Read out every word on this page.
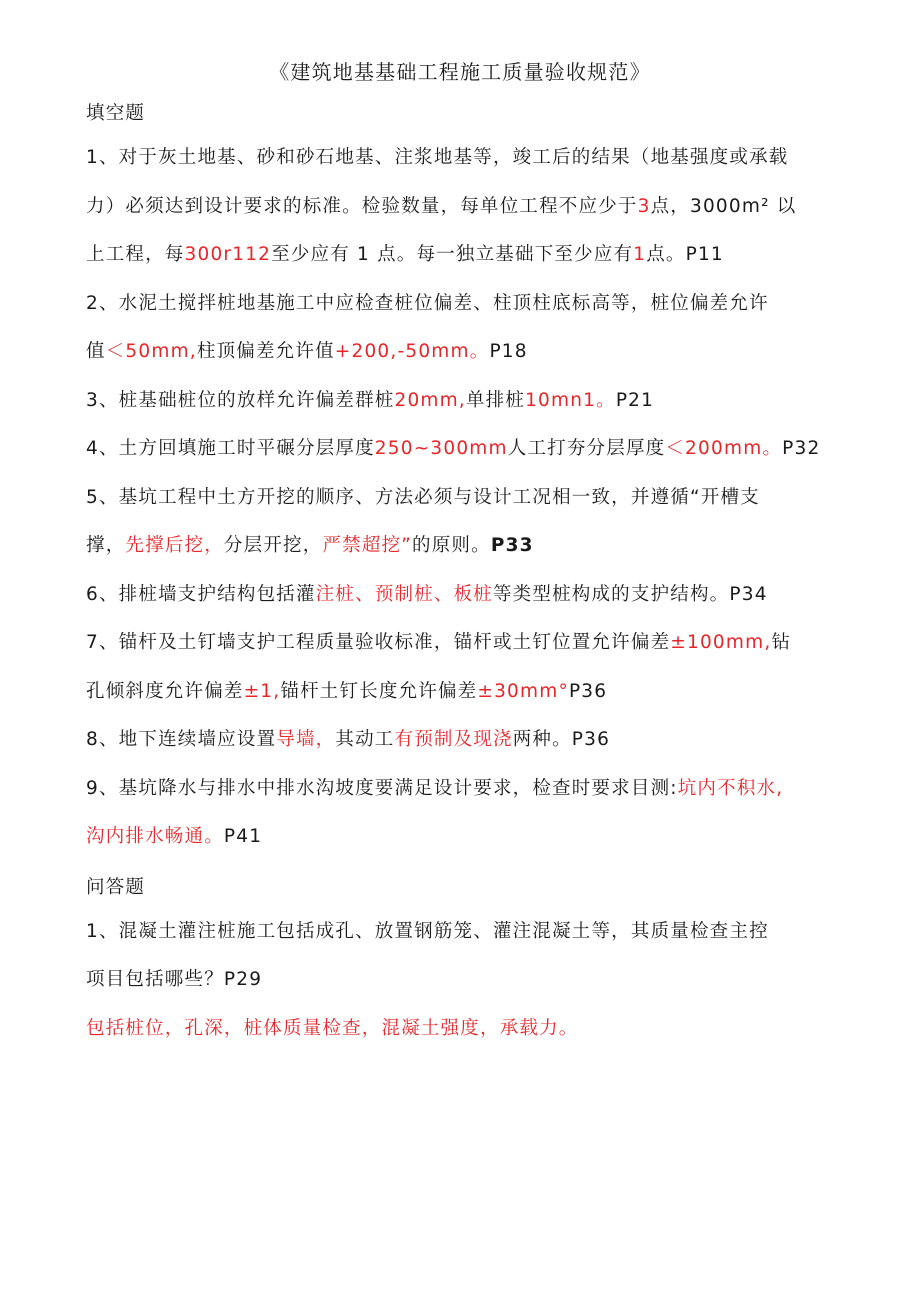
《建筑地基基础工程施工质量验收规范》
填空题
1、对于灰土地基、砂和砂石地基、注浆地基等，竣工后的结果（地基强度或承载
力）必须达到设计要求的标准。检验数量，每单位工程不应少于3点，3000m² 以
上工程，每300r112至少应有 1 点。每一独立基础下至少应有1点。P11
2、水泥土搅拌桩地基施工中应检查桩位偏差、柱顶柱底标高等，桩位偏差允许
值＜50mm,柱顶偏差允许值+200,-50mm。P18
3、桩基础桩位的放样允许偏差群桩20mm,单排桩10mn1。P21
4、土方回填施工时平碾分层厚度250~300mm人工打夯分层厚度＜200mm。P32
5、基坑工程中土方开挖的顺序、方法必须与设计工况相一致，并遵循“开槽支
撑，先撑后挖，分层开挖，严禁超挖”的原则。P33
6、排桩墙支护结构包括灌注桩、预制桩、板桩等类型桩构成的支护结构。P34
7、锚杆及土钉墙支护工程质量验收标准，锚杆或土钉位置允许偏差±100mm,钻
孔倾斜度允许偏差±1,锚杆土钉长度允许偏差±30mm°P36
8、地下连续墙应设置导墙，其动工有预制及现浇两种。P36
9、基坑降水与排水中排水沟坡度要满足设计要求，检查时要求目测:坑内不积水,
沟内排水畅通。P41
问答题
1、混凝土灌注桩施工包括成孔、放置钢筋笼、灌注混凝土等，其质量检查主控
项目包括哪些？P29
包括桩位，孔深，桩体质量检查，混凝土强度，承载力。
